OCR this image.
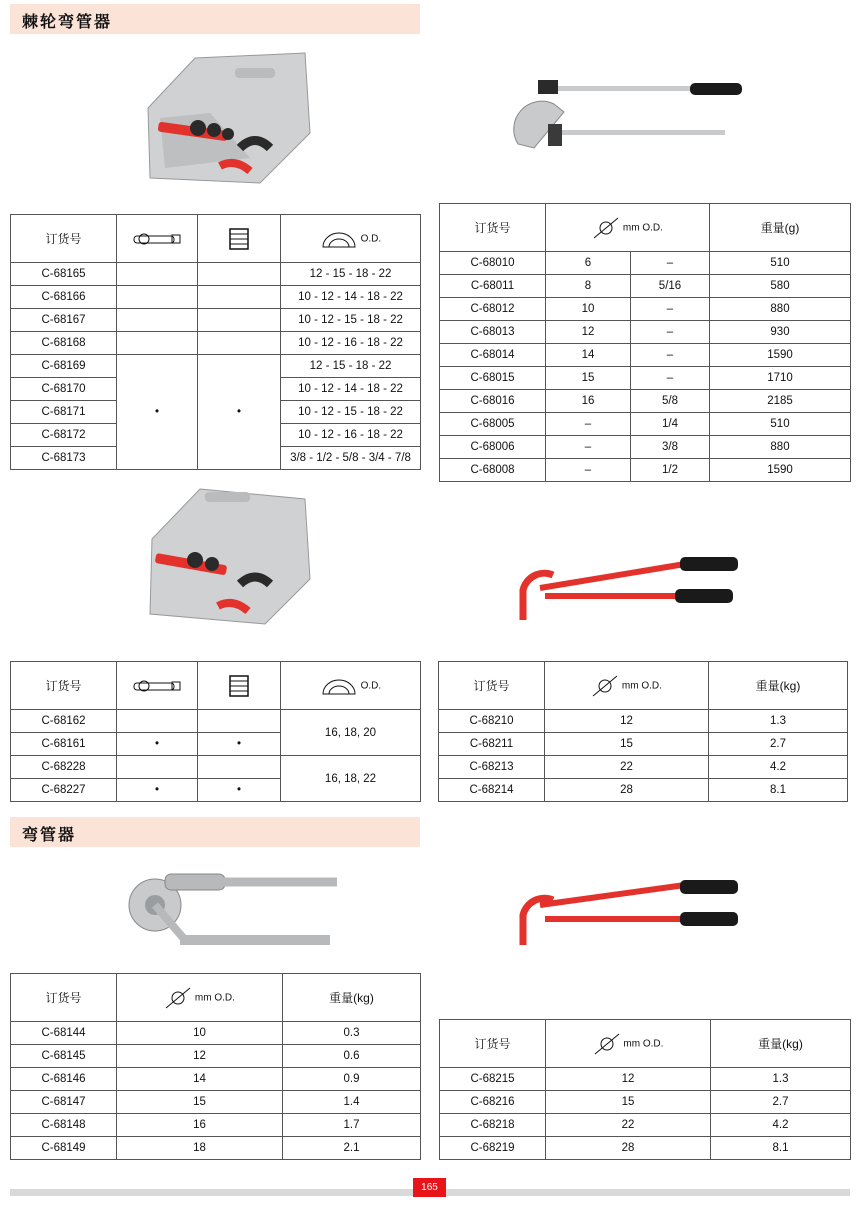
棘轮弯管器
订货号			O.D.
C-68165			12 - 15 - 18 - 22
C-68166			10 - 12 - 14 - 18 - 22
C-68167			10 - 12 - 15 - 18 - 22
C-68168			10 - 12 - 16 - 18 - 22
C-68169	•	•	12 - 15 - 18 - 22
C-68170			10 - 12 - 14 - 18 - 22
C-68171			10 - 12 - 15 - 18 - 22
C-68172			10 - 12 - 16 - 18 - 22
C-68173			3/8 - 1/2 - 5/8 - 3/4 - 7/8
订货号	mm O.D.		重量(g)
C-68010	6	–	510
C-68011	8	5/16	580
C-68012	10	–	880
C-68013	12	–	930
C-68014	14	–	1590
C-68015	15	–	1710
C-68016	16	5/8	2185
C-68005	–	1/4	510
C-68006	–	3/8	880
C-68008	–	1/2	1590
订货号			O.D.
C-68162			16, 18, 20
C-68161	•	•	
C-68228			16, 18, 22
C-68227	•	•	
订货号	mm O.D.	重量(kg)
C-68210	12	1.3
C-68211	15	2.7
C-68213	22	4.2
C-68214	28	8.1
弯管器
订货号	mm O.D.	重量(kg)
C-68144	10	0.3
C-68145	12	0.6
C-68146	14	0.9
C-68147	15	1.4
C-68148	16	1.7
C-68149	18	2.1
订货号	mm O.D.	重量(kg)
C-68215	12	1.3
C-68216	15	2.7
C-68218	22	4.2
C-68219	28	8.1
165
